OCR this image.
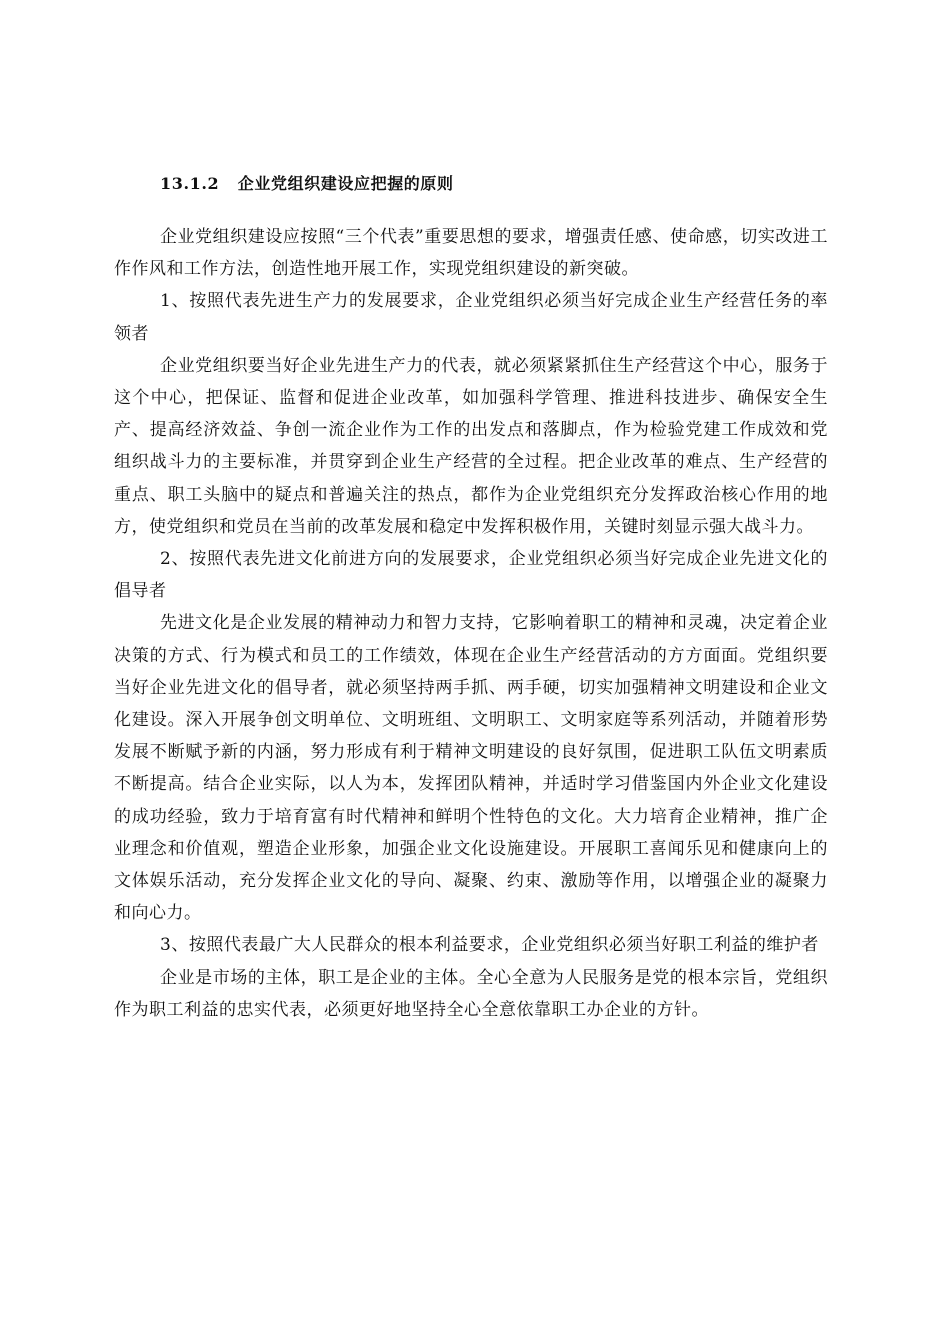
13.1.2 企业党组织建设应把握的原则

企业党组织建设应按照“三个代表”重要思想的要求，增强责任感、使命感，切实改进工作作风和工作方法，创造性地开展工作，实现党组织建设的新突破。

1、按照代表先进生产力的发展要求，企业党组织必须当好完成企业生产经营任务的率领者

企业党组织要当好企业先进生产力的代表，就必须紧紧抓住生产经营这个中心，服务于这个中心，把保证、监督和促进企业改革，如加强科学管理、推进科技进步、确保安全生产、提高经济效益、争创一流企业作为工作的出发点和落脚点，作为检验党建工作成效和党组织战斗力的主要标准，并贯穿到企业生产经营的全过程。把企业改革的难点、生产经营的重点、职工头脑中的疑点和普遍关注的热点，都作为企业党组织充分发挥政治核心作用的地方，使党组织和党员在当前的改革发展和稳定中发挥积极作用，关键时刻显示强大战斗力。

2、按照代表先进文化前进方向的发展要求，企业党组织必须当好完成企业先进文化的倡导者

先进文化是企业发展的精神动力和智力支持，它影响着职工的精神和灵魂，决定着企业决策的方式、行为模式和员工的工作绩效，体现在企业生产经营活动的方方面面。党组织要当好企业先进文化的倡导者，就必须坚持两手抓、两手硬，切实加强精神文明建设和企业文化建设。深入开展争创文明单位、文明班组、文明职工、文明家庭等系列活动，并随着形势发展不断赋予新的内涵，努力形成有利于精神文明建设的良好氛围，促进职工队伍文明素质不断提高。结合企业实际，以人为本，发挥团队精神，并适时学习借鉴国内外企业文化建设的成功经验，致力于培育富有时代精神和鲜明个性特色的文化。大力培育企业精神，推广企业理念和价值观，塑造企业形象，加强企业文化设施建设。开展职工喜闻乐见和健康向上的文体娱乐活动，充分发挥企业文化的导向、凝聚、约束、激励等作用，以增强企业的凝聚力和向心力。

3、按照代表最广大人民群众的根本利益要求，企业党组织必须当好职工利益的维护者

企业是市场的主体，职工是企业的主体。全心全意为人民服务是党的根本宗旨，党组织作为职工利益的忠实代表，必须更好地坚持全心全意依靠职工办企业的方针。
